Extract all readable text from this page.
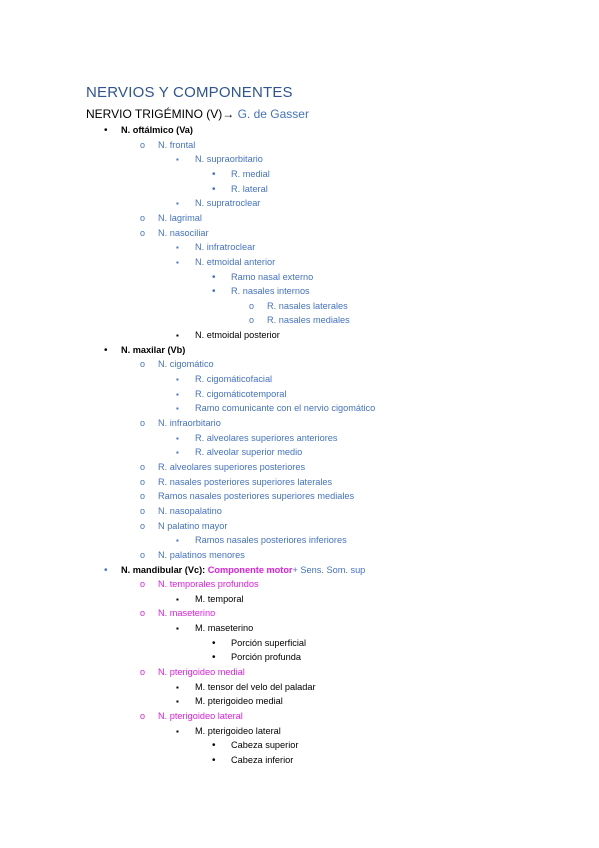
NERVIOS Y COMPONENTES
NERVIO TRIGÉMINO (V)→ G. de Gasser
• N. oftálmico (Va)
o N. frontal
▪ N. supraorbitario
• R. medial
• R. lateral
▪ N. supratroclear
o N. lagrimal
o N. nasociliar
▪ N. infratroclear
▪ N. etmoidal anterior
• Ramo nasal externo
• R. nasales internos
o R. nasales laterales
o R. nasales mediales
▪ N. etmoidal posterior
• N. maxilar (Vb)
o N. cigomático
▪ R. cigomáticofacial
▪ R. cigomáticotemporal
▪ Ramo comunicante con el nervio cigomático
o N. infraorbitario
▪ R. alveolares superiores anteriores
▪ R. alveolar superior medio
o R. alveolares superiores posteriores
o R. nasales posteriores superiores laterales
o Ramos nasales posteriores superiores mediales
o N. nasopalatino
o N palatino mayor
▪ Ramos nasales posteriores inferiores
o N. palatinos menores
• N. mandibular (Vc): Componente motor+ Sens. Som. sup
o N. temporales profundos
▪ M. temporal
o N. maseterino
▪ M. maseterino
• Porción superficial
• Porción profunda
o N. pterigoideo medial
▪ M. tensor del velo del paladar
▪ M. pterigoideo medial
o N. pterigoideo lateral
▪ M. pterigoideo lateral
• Cabeza superior
• Cabeza inferior
